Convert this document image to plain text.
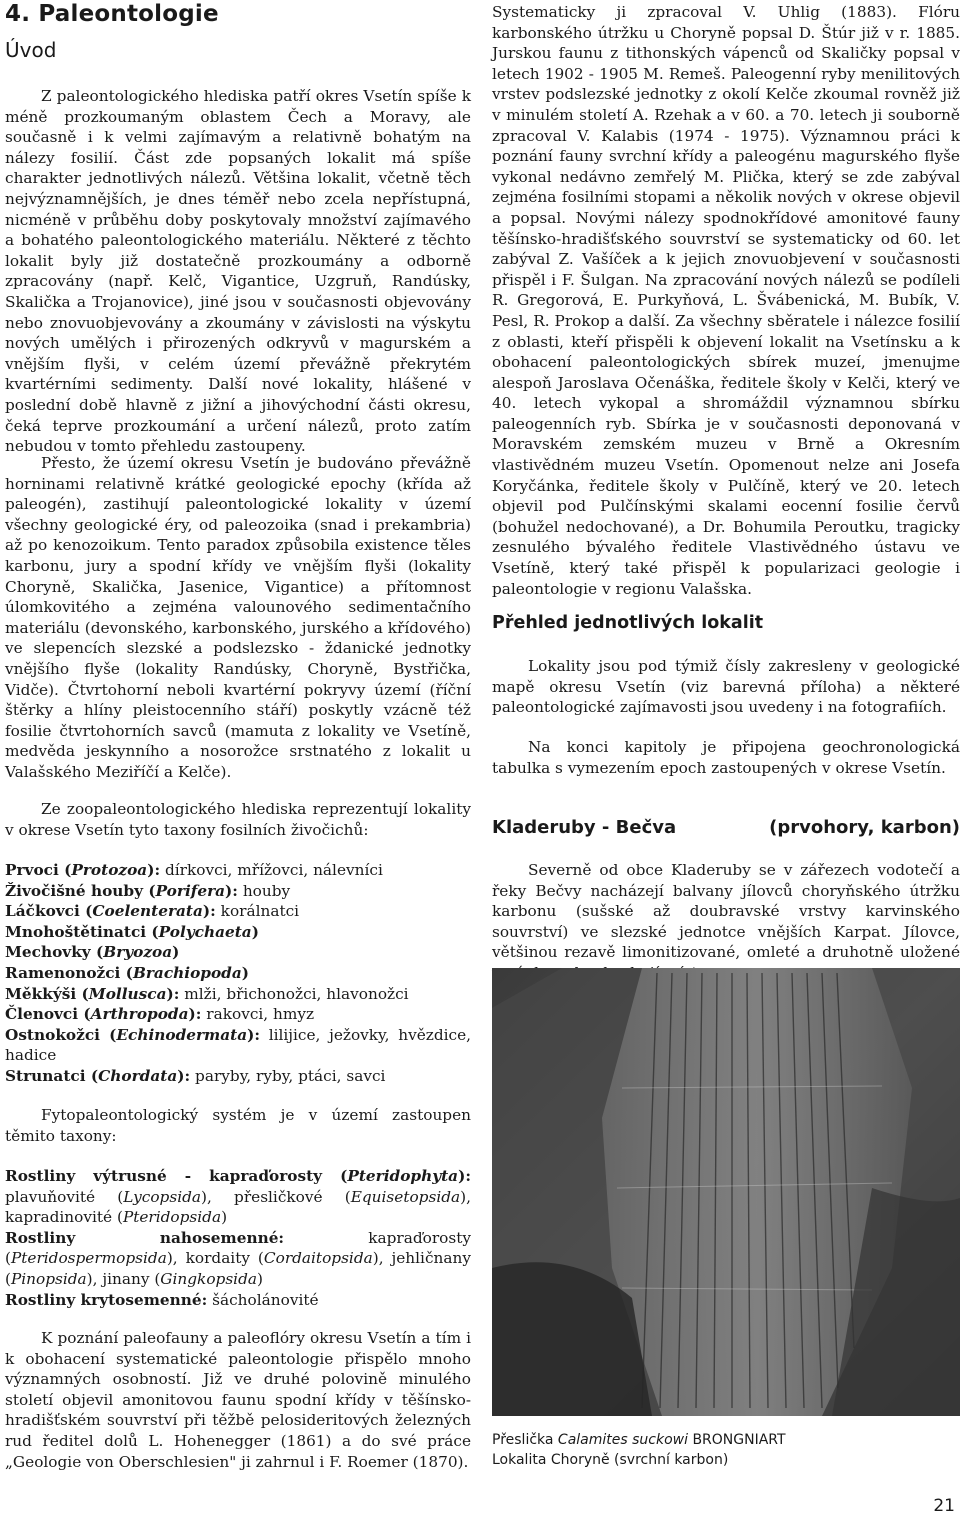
4. Paleontologie
Úvod

Z paleontologického hlediska patří okres Vsetín spíše k méně prozkoumaným oblastem Čech a Moravy, ale současně i k velmi zajímavým a relativně bohatým na nálezy fosilií. Část zde popsaných lokalit má spíše charakter jednotlivých nálezů. Většina lokalit, včetně těch nejvýznamnějších, je dnes téměř nebo zcela nepřístupná, nicméně v průběhu doby poskytovaly množství zajímavého a bohatého paleontologického materiálu. Některé z těchto lokalit byly již dostatečně prozkoumány a odborně zpracovány (např. Kelč, Vigantice, Uzgruň, Randúsky, Skalička a Trojanovice), jiné jsou v současnosti objevovány nebo znovuobjevovány a zkoumány v závislosti na výskytu nových umělých i přirozených odkryvů v magurském a vnějším flyši, v celém území převážně překrytém kvartérními sedimenty. Další nové lokality, hlášené v poslední době hlavně z jižní a jihovýchodní části okresu, čeká teprve prozkoumání a určení nálezů, proto zatím nebudou v tomto přehledu zastoupeny.

Přesto, že území okresu Vsetín je budováno převážně horninami relativně krátké geologické epochy (křída až paleogén), zastihují paleontologické lokality v území všechny geologické éry, od paleozoika (snad i prekambria) až po kenozoikum. Tento paradox způsobila existence těles karbonu, jury a spodní křídy ve vnějším flyši (lokality Choryně, Skalička, Jasenice, Vigantice) a přítomnost úlomkovitého a zejména valounového sedimentačního materiálu (devonského, karbonského, jurského a křídového) ve slepencích slezské a podslezsko - ždanické jednotky vnějšího flyše (lokality Randúsky, Choryně, Bystřička, Vidče). Čtvrtohorní neboli kvartérní pokryvy území (říční štěrky a hlíny pleistocenního stáří) poskytly vzácně též fosilie čtvrtohorních savců (mamuta z lokality ve Vsetíně, medvěda jeskynního a nosorožce srstnatého z lokalit u Valašského Meziříčí a Kelče).

Ze zoopaleontologického hlediska reprezentují lokality v okrese Vsetín tyto taxony fosilních živočichů:

Prvoci (Protozoa): dírkovci, mřížovci, nálevníci
Živočišné houby (Porifera): houby
Láčkovci (Coelenterata): korálnatci
Mnohoštětinatci (Polychaeta)
Mechovky (Bryozoa)
Ramenonožci (Brachiopoda)
Měkkýši (Mollusca): mlži, břichonožci, hlavonožci
Členovci (Arthropoda): rakovci, hmyz
Ostnokožci (Echinodermata): lilijice, ježovky, hvězdice, hadice
Strunatci (Chordata): paryby, ryby, ptáci, savci

Fytopaleontologický systém je v území zastoupen těmito taxony:

Rostliny výtrusné - kapraďorosty (Pteridophyta): plavuňovité (Lycopsida), přesličkové (Equisetopsida), kapradinovité (Pteridopsida)
Rostliny nahosemenné:	kapraďorosty (Pteridospermopsida), kordaity (Cordaitopsida), jehličnany (Pinopsida), jinany (Gingkopsida)
Rostliny krytosemenné: šácholánovité

K poznání paleofauny a paleoflóry okresu Vsetín a tím i k obohacení systematické paleontologie přispělo mnoho významných osobností. Již ve druhé polovině minulého století objevil amonitovou faunu spodní křídy v těšínsko-hradišťském souvrství při těžbě pelosideritových železných rud ředitel dolů L. Hohenegger (1861) a do své práce „Geologie von Oberschlesien" ji zahrnul i F. Roemer (1870).

Systematicky ji zpracoval V. Uhlig (1883). Flóru karbonského útržku u Choryně popsal D. Štúr již v r. 1885. Jurskou faunu z tithonských vápenců od Skaličky popsal v letech 1902 - 1905 M. Remeš. Paleogenní ryby menilitových vrstev podslezské jednotky z okolí Kelče zkoumal rovněž již v minulém století A. Rzehak a v 60. a 70. letech ji souborně zpracoval V. Kalabis (1974 - 1975). Významnou práci k poznání fauny svrchní křídy a paleogénu magurského flyše vykonal nedávno zemřelý M. Plička, který se zde zabýval zejména fosilními stopami a několik nových v okrese objevil a popsal. Novými nálezy spodnokřídové amonitové fauny těšínsko-hradišťského souvrství se systematicky od 60. let zabýval Z. Vašíček a k jejich znovuobjevení v současnosti přispěl i F. Šulgan. Na zpracování nových nálezů se podíleli R. Gregorová, E. Purkyňová, L. Švábenická, M. Bubík, V. Pesl, R. Prokop a další. Za všechny sběratele i nálezce fosilií z oblasti, kteří přispěli k objevení lokalit na Vsetínsku a k obohacení paleontologických sbírek muzeí, jmenujme alespoň Jaroslava Očenáška, ředitele školy v Kelči, který ve 40. letech vykopal a shromáždil významnou sbírku paleogenních ryb. Sbírka je v současnosti deponovaná v Moravském zemském muzeu v Brně a Okresním vlastivědném muzeu Vsetín. Opomenout nelze ani Josefa Koryčánka, ředitele školy v Pulčíně, který ve 20. letech objevil pod Pulčínskými skalami eocenní fosilie červů (bohužel nedochované), a Dr. Bohumila Peroutku, tragicky zesnulého bývalého ředitele Vlastivědného ústavu ve Vsetíně, který také přispěl k popularizaci geologie i paleontologie v regionu Valašska.

Přehled jednotlivých lokalit

Lokality jsou pod týmiž čísly zakresleny v geologické mapě okresu Vsetín (viz barevná příloha) a některé paleontologické zajímavosti jsou uvedeny i na fotografiích.

Na konci kapitoly je připojena geochronologická tabulka s vymezením epoch zastoupených v okrese Vsetín.

Kladeruby - Bečva	(prvohory, karbon)

Severně od obce Kladeruby se v zářezech vodotečí a řeky Bečvy nacházejí balvany jílovců choryňského útržku karbonu (sušské až doubravské vrstvy karvinského souvrství) ve slezské jednotce vnějších Karpat. Jílovce, většinou rezavě limonitizované, omleté a druhotně uložené

Přeslička Calamites suckowi BRONGNIART
Lokalita Choryně (svrchní karbon)
21
